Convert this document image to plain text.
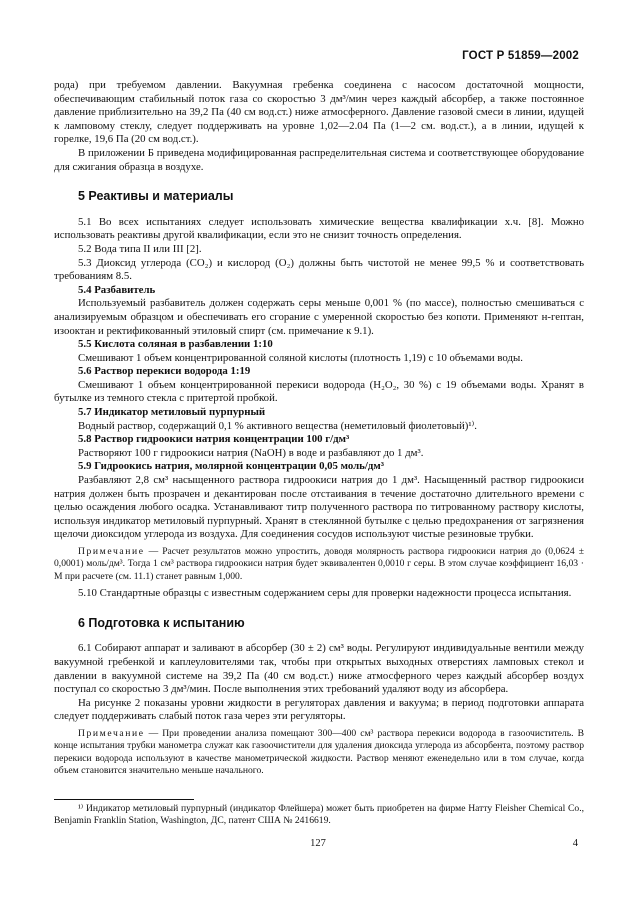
ГОСТ Р 51859—2002

рода) при требуемом давлении. Вакуумная гребенка соединена с насосом достаточной мощности, обеспечивающим стабильный поток газа со скоростью 3 дм³/мин через каждый абсорбер, а также постоянное давление приблизительно на 39,2 Па (40 см вод.ст.) ниже атмосферного. Давление газовой смеси в линии, идущей к ламповому стеклу, следует поддерживать на уровне 1,02—2.04 Па (1—2 см. вод.ст.), а в линии, идущей к горелке, 19,6 Па (20 см вод.ст.).

В приложении Б приведена модифицированная распределительная система и соответствующее оборудование для сжигания образца в воздухе.

5 Реактивы и материалы

5.1 Во всех испытаниях следует использовать химические вещества квалификации х.ч. [8]. Можно использовать реактивы другой квалификации, если это не снизит точность определения.

5.2 Вода типа II или III [2].

5.3 Диоксид углерода (CO₂) и кислород (O₂) должны быть чистотой не менее 99,5 % и соответствовать требованиям 8.5.

5.4 Разбавитель

Используемый разбавитель должен содержать серы меньше 0,001 % (по массе), полностью смешиваться с анализируемым образцом и обеспечивать его сгорание с умеренной скоростью без копоти. Применяют н-гептан, изооктан и ректификованный этиловый спирт (см. примечание к 9.1).

5.5 Кислота соляная в разбавлении 1:10

Смешивают 1 объем концентрированной соляной кислоты (плотность 1,19) с 10 объемами воды.

5.6 Раствор перекиси водорода 1:19

Смешивают 1 объем концентрированной перекиси водорода (H₂O₂, 30 %) с 19 объемами воды. Хранят в бутылке из темного стекла с притертой пробкой.

5.7 Индикатор метиловый пурпурный

Водный раствор, содержащий 0,1 % активного вещества (неметиловый фиолетовый)¹⁾.

5.8 Раствор гидроокиси натрия концентрации 100 г/дм³

Растворяют 100 г гидроокиси натрия (NaOH) в воде и разбавляют до 1 дм³.

5.9 Гидроокись натрия, молярной концентрации 0,05 моль/дм³

Разбавляют 2,8 см³ насыщенного раствора гидроокиси натрия до 1 дм³. Насыщенный раствор гидроокиси натрия должен быть прозрачен и декантирован после отстаивания в течение достаточно длительного времени с целью осаждения любого осадка. Устанавливают титр полученного раствора по титрованному раствору кислоты, используя индикатор метиловый пурпурный. Хранят в стеклянной бутылке с целью предохранения от загрязнения щелочи диоксидом углерода из воздуха. Для соединения сосудов используют чистые резиновые трубки.

Примечание — Расчет результатов можно упростить, доводя молярность раствора гидроокиси натрия до (0,0624 ± 0,0001) моль/дм³. Тогда 1 см³ раствора гидроокиси натрия будет эквивалентен 0,0010 г серы. В этом случае коэффициент 16,03 · M при расчете (см. 11.1) станет равным 1,000.

5.10 Стандартные образцы с известным содержанием серы для проверки надежности процесса испытания.

6 Подготовка к испытанию

6.1 Собирают аппарат и заливают в абсорбер (30 ± 2) см³ воды. Регулируют индивидуальные вентили между вакуумной гребенкой и каплеуловителями так, чтобы при открытых выходных отверстиях ламповых стекол и давлении в вакуумной системе на 39,2 Па (40 см вод.ст.) ниже атмосферного через каждый абсорбер воздух поступал со скоростью 3 дм³/мин. После выполнения этих требований удаляют воду из абсорбера.

На рисунке 2 показаны уровни жидкости в регуляторах давления и вакуума; в период подготовки аппарата следует поддерживать слабый поток газа через эти регуляторы.

Примечание — При проведении анализа помещают 300—400 см³ раствора перекиси водорода в газоочиститель. В конце испытания трубки манометра служат как газоочистители для удаления диоксида углерода из абсорбента, поэтому раствор перекиси водорода используют в качестве манометрической жидкости. Раствор меняют еженедельно или в том случае, когда объем становится значительно меньше начального.

¹⁾ Индикатор метиловый пурпурный (индикатор Флейшера) может быть приобретен на фирме Натту Fleisher Chemical Co., Benjamin Franklin Station, Washington, ДС, патент США № 2416619.
127	4
